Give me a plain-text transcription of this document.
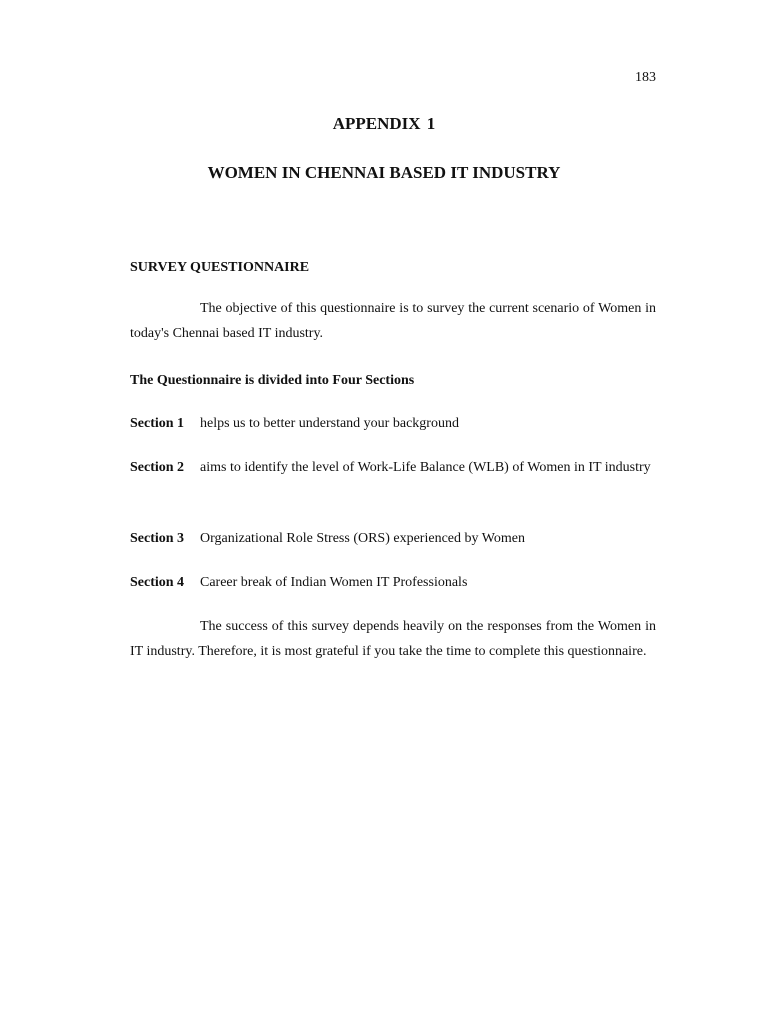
183
APPENDIX 1
WOMEN IN CHENNAI BASED IT INDUSTRY
SURVEY QUESTIONNAIRE
The objective of this questionnaire is to survey the current scenario of Women in today's Chennai based IT industry.
The Questionnaire is divided into Four Sections
Section 1	helps us to better understand your background
Section 2	aims to identify the level of Work-Life Balance (WLB) of Women in IT industry
Section 3	Organizational Role Stress (ORS) experienced by Women
Section 4	Career break of Indian Women IT Professionals
The success of this survey depends heavily on the responses from the Women in IT industry. Therefore, it is most grateful if you take the time to complete this questionnaire.
